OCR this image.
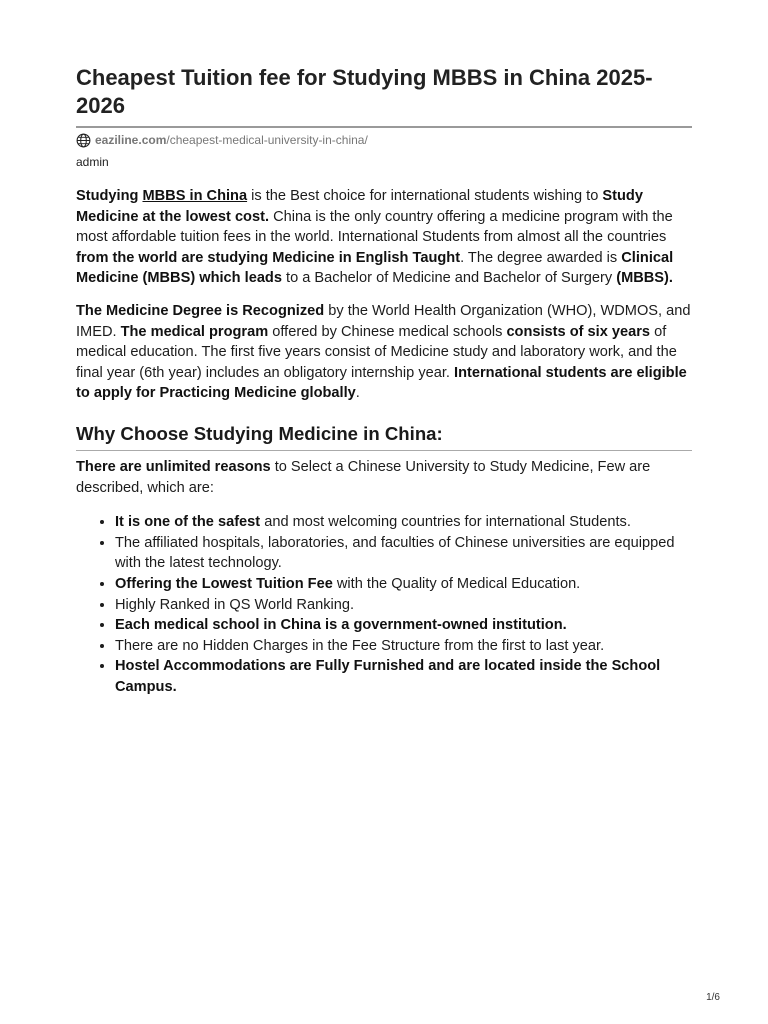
Cheapest Tuition fee for Studying MBBS in China 2025-2026
eaziline.com /cheapest-medical-university-in-china/
admin

Studying MBBS in China is the Best choice for international students wishing to Study Medicine at the lowest cost. China is the only country offering a medicine program with the most affordable tuition fees in the world. International Students from almost all the countries from the world are studying Medicine in English Taught. The degree awarded is Clinical Medicine (MBBS) which leads to a Bachelor of Medicine and Bachelor of Surgery (MBBS).

The Medicine Degree is Recognized by the World Health Organization (WHO), WDMOS, and IMED. The medical program offered by Chinese medical schools consists of six years of medical education. The first five years consist of Medicine study and laboratory work, and the final year (6th year) includes an obligatory internship year. International students are eligible to apply for Practicing Medicine globally.

Why Choose Studying Medicine in China:

There are unlimited reasons to Select a Chinese University to Study Medicine, Few are described, which are:

• It is one of the safest and most welcoming countries for international Students.
• The affiliated hospitals, laboratories, and faculties of Chinese universities are equipped with the latest technology.
• Offering the Lowest Tuition Fee with the Quality of Medical Education.
• Highly Ranked in QS World Ranking.
• Each medical school in China is a government-owned institution.
• There are no Hidden Charges in the Fee Structure from the first to last year.
• Hostel Accommodations are Fully Furnished and are located inside the School Campus.
1/6
